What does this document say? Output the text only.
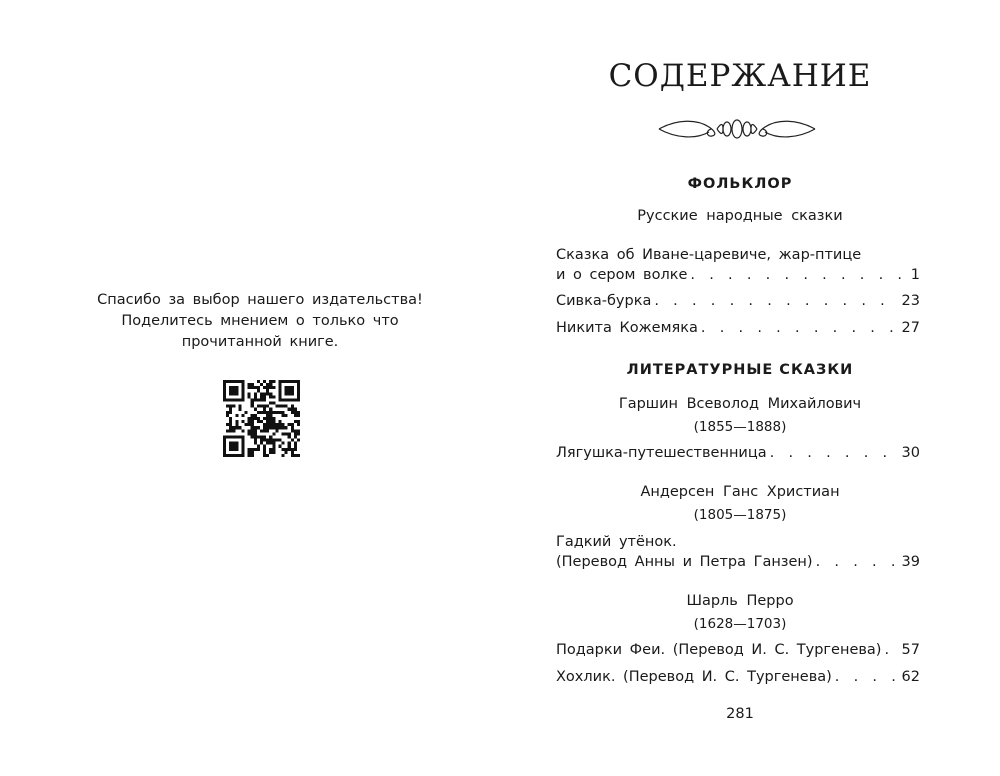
Спасибо за выбор нашего издательства!
Поделитесь мнением о только что
прочитанной книге.
СОДЕРЖАНИЕ
ФОЛЬКЛОР
Русские народные сказки
Сказка об Иване-царевиче, жар-птице
и о сером волке . . .	1
Сивка-бурка . . .	23
Никита Кожемяка . . .	27
ЛИТЕРАТУРНЫЕ СКАЗКИ
Гаршин Всеволод Михайлович
(1855—1888)
Лягушка-путешественница . . .	30
Андерсен Ганс Христиан
(1805—1875)
Гадкий утёнок.
(Перевод Анны и Петра Ганзен) . . .	39
Шарль Перро
(1628—1703)
Подарки Феи. (Перевод И. С. Тургенева) . . . 57
Хохлик. (Перевод И. С. Тургенева) . . .	62
281
